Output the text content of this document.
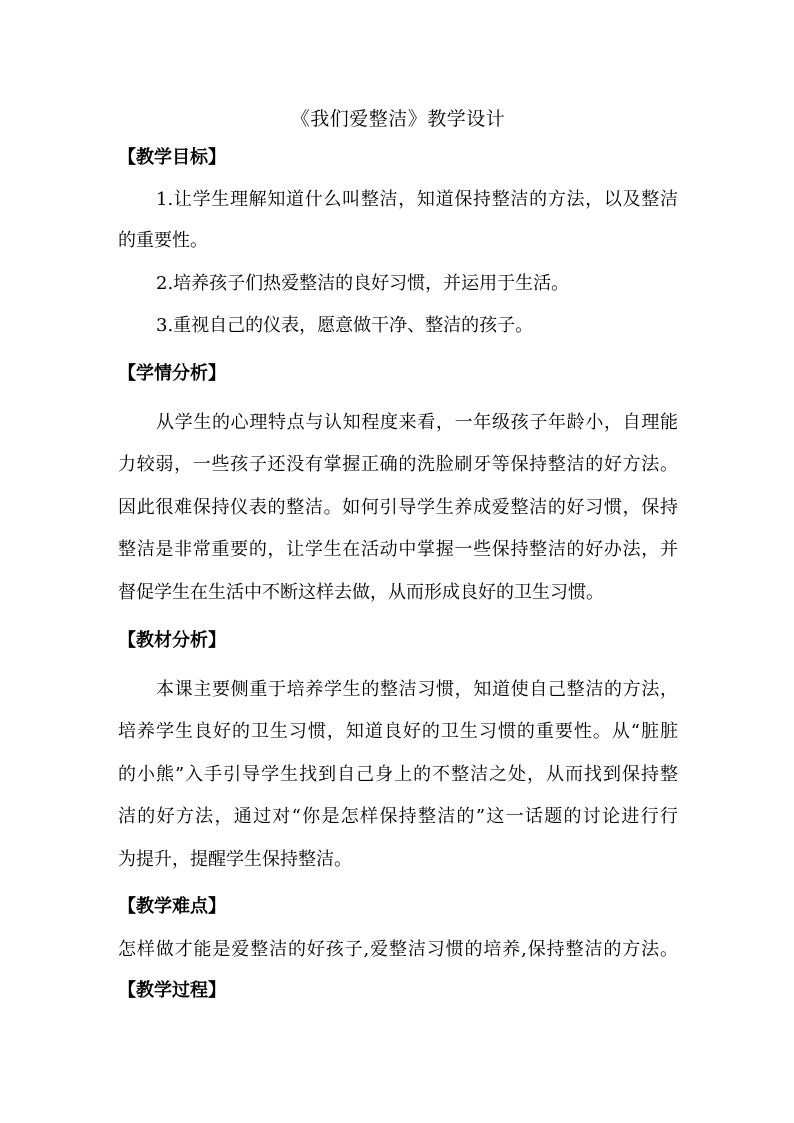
《我们爱整洁》教学设计
【教学目标】
1.让学生理解知道什么叫整洁，知道保持整洁的方法，以及整洁
的重要性。
2.培养孩子们热爱整洁的良好习惯，并运用于生活。
3.重视自己的仪表，愿意做干净、整洁的孩子。
【学情分析】
从学生的心理特点与认知程度来看，一年级孩子年龄小，自理能
力较弱，一些孩子还没有掌握正确的洗脸刷牙等保持整洁的好方法。
因此很难保持仪表的整洁。如何引导学生养成爱整洁的好习惯，保持
整洁是非常重要的，让学生在活动中掌握一些保持整洁的好办法，并
督促学生在生活中不断这样去做，从而形成良好的卫生习惯。
【教材分析】
本课主要侧重于培养学生的整洁习惯，知道使自己整洁的方法，
培养学生良好的卫生习惯，知道良好的卫生习惯的重要性。从“脏脏
的小熊”入手引导学生找到自己身上的不整洁之处，从而找到保持整
洁的好方法，通过对“你是怎样保持整洁的”这一话题的讨论进行行
为提升，提醒学生保持整洁。
【教学难点】
怎样做才能是爱整洁的好孩子,爱整洁习惯的培养,保持整洁的方法。
【教学过程】
